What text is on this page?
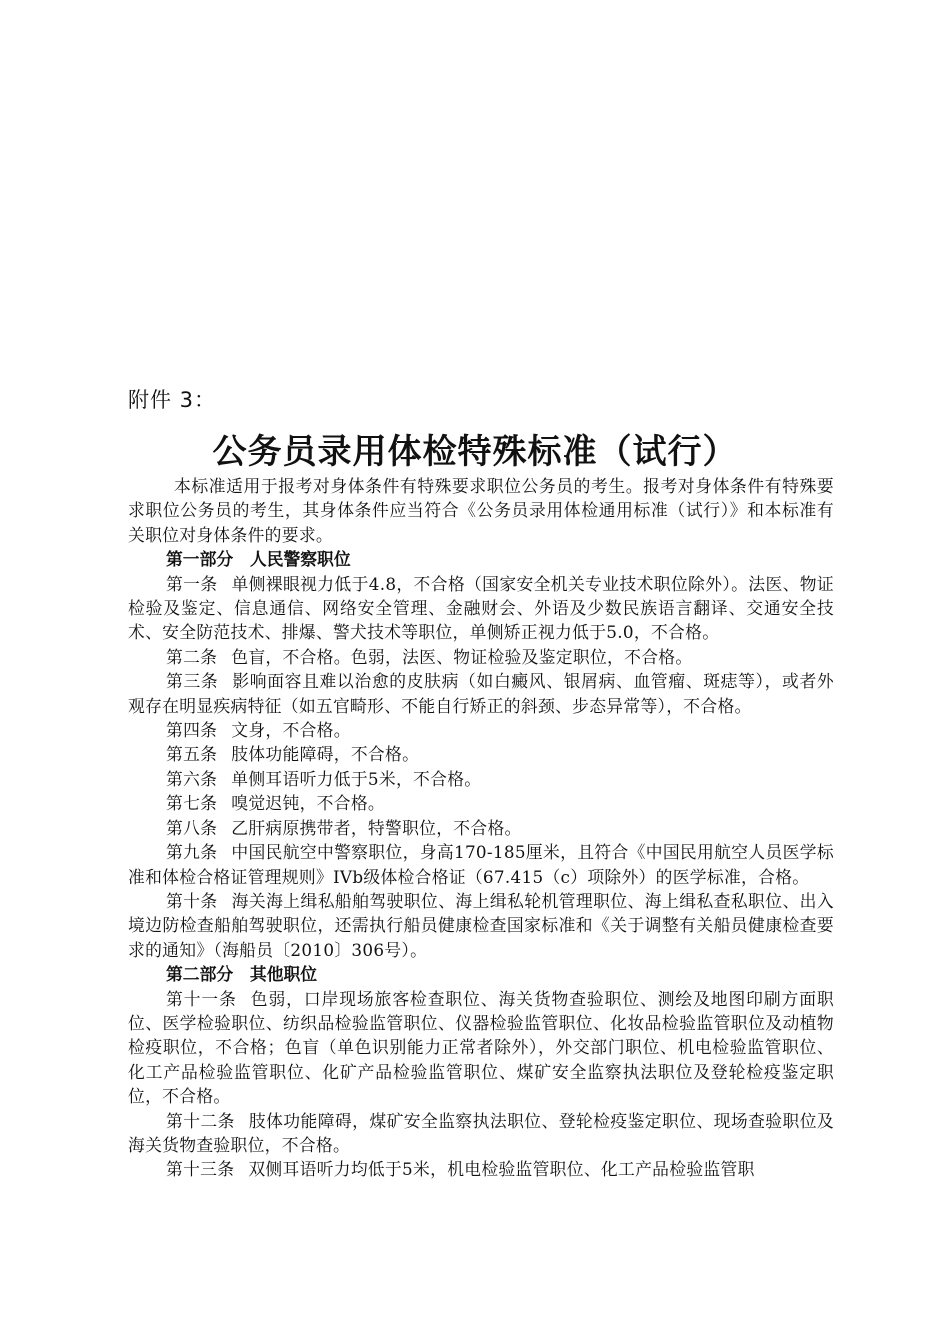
附件 3：
公务员录用体检特殊标准（试行）

本标准适用于报考对身体条件有特殊要求职位公务员的考生。报考对身体条件有特殊要求职位公务员的考生，其身体条件应当符合《公务员录用体检通用标准（试行）》和本标准有关职位对身体条件的要求。

第一部分　人民警察职位

第一条 单侧裸眼视力低于4.8，不合格（国家安全机关专业技术职位除外）。法医、物证检验及鉴定、信息通信、网络安全管理、金融财会、外语及少数民族语言翻译、交通安全技术、安全防范技术、排爆、警犬技术等职位，单侧矫正视力低于5.0，不合格。

第二条 色盲，不合格。色弱，法医、物证检验及鉴定职位，不合格。

第三条 影响面容且难以治愈的皮肤病（如白癜风、银屑病、血管瘤、斑痣等），或者外观存在明显疾病特征（如五官畸形、不能自行矫正的斜颈、步态异常等），不合格。

第四条 文身，不合格。

第五条 肢体功能障碍，不合格。

第六条 单侧耳语听力低于5米，不合格。

第七条 嗅觉迟钝，不合格。

第八条 乙肝病原携带者，特警职位，不合格。

第九条 中国民航空中警察职位，身高170-185厘米，且符合《中国民用航空人员医学标准和体检合格证管理规则》IVb级体检合格证（67.415（c）项除外）的医学标准，合格。

第十条 海关海上缉私船舶驾驶职位、海上缉私轮机管理职位、海上缉私查私职位、出入境边防检查船舶驾驶职位，还需执行船员健康检查国家标准和《关于调整有关船员健康检查要求的通知》（海船员〔2010〕306号）。

第二部分　其他职位

第十一条 色弱，口岸现场旅客检查职位、海关货物查验职位、测绘及地图印刷方面职位、医学检验职位、纺织品检验监管职位、仪器检验监管职位、化妆品检验监管职位及动植物检疫职位，不合格；色盲（单色识别能力正常者除外），外交部门职位、机电检验监管职位、化工产品检验监管职位、化矿产品检验监管职位、煤矿安全监察执法职位及登轮检疫鉴定职位，不合格。

第十二条 肢体功能障碍，煤矿安全监察执法职位、登轮检疫鉴定职位、现场查验职位及海关货物查验职位，不合格。

第十三条 双侧耳语听力均低于5米，机电检验监管职位、化工产品检验监管职
